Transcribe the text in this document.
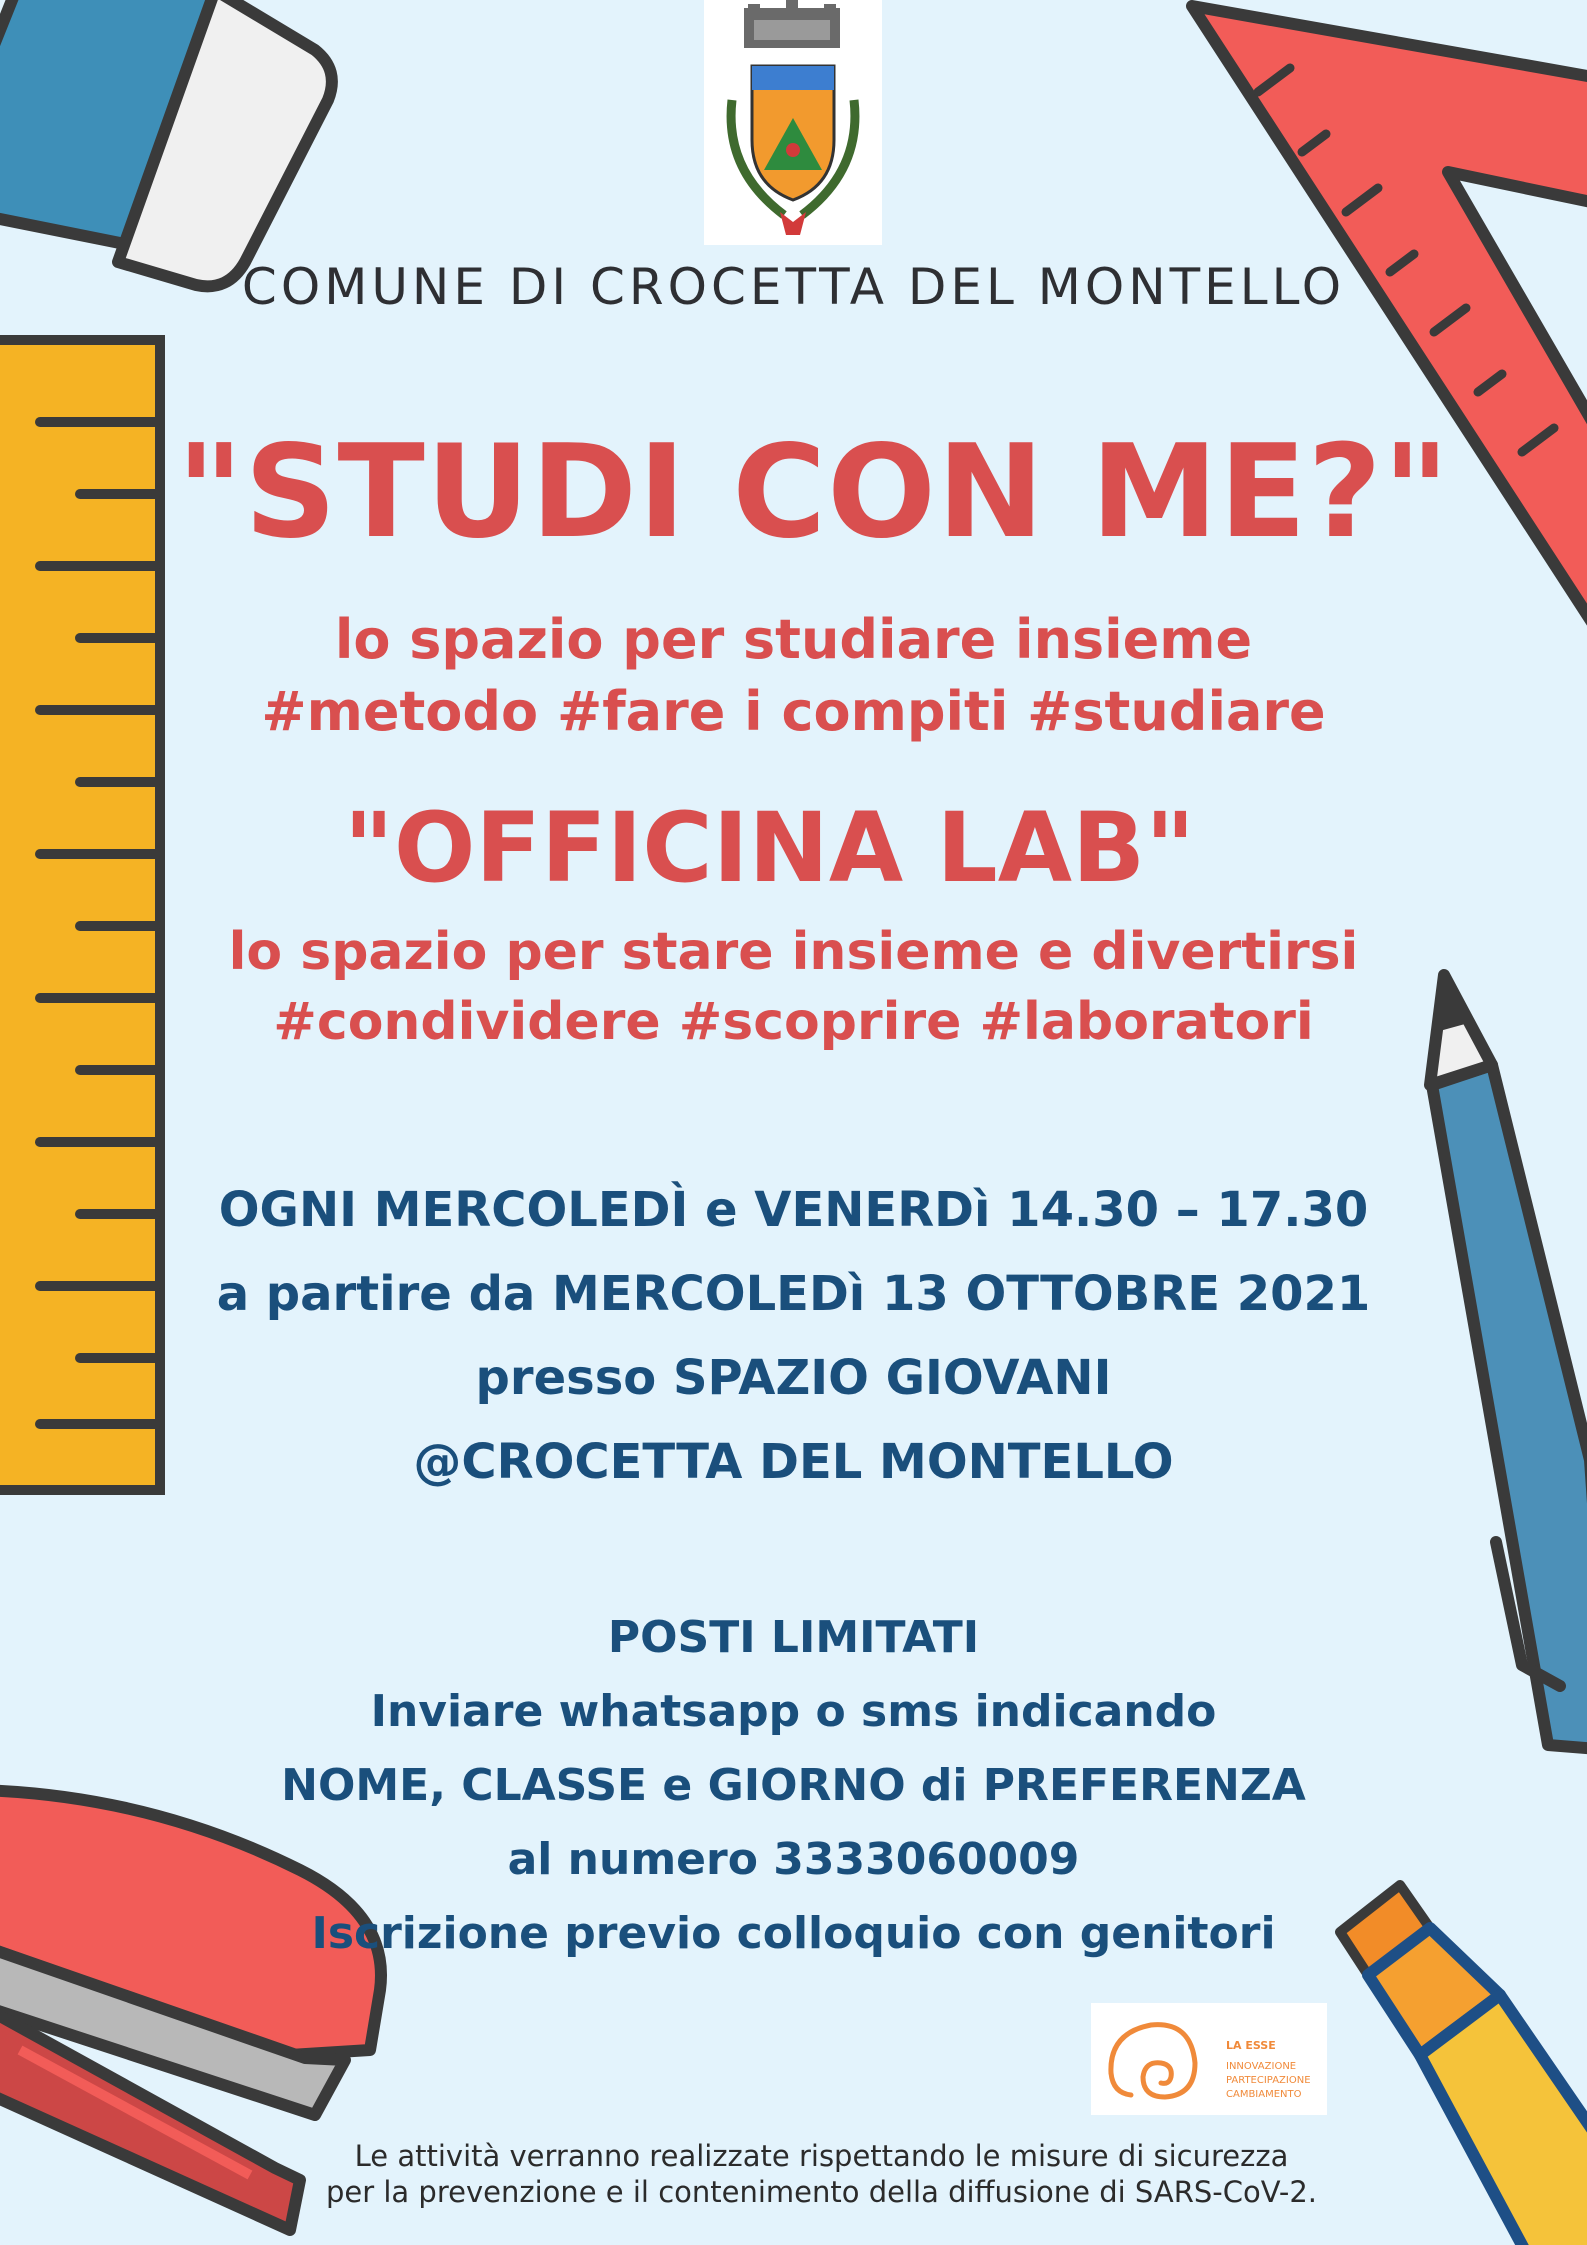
COMUNE DI CROCETTA DEL MONTELLO
"STUDI CON ME?"
lo spazio per studiare insieme
#metodo #fare i compiti #studiare
"OFFICINA LAB"
lo spazio per stare insieme e divertirsi
#condividere #scoprire #laboratori
OGNI MERCOLEDÌ e VENERDì 14.30 – 17.30
a partire da MERCOLEDì 13 OTTOBRE 2021
presso SPAZIO GIOVANI
@CROCETTA DEL MONTELLO
POSTI LIMITATI
Inviare whatsapp o sms indicando
NOME, CLASSE e GIORNO di PREFERENZA
al numero 3333060009
Iscrizione previo colloquio con genitori
LA ESSE
INNOVAZIONE
PARTECIPAZIONE
CAMBIAMENTO
Le attività verranno realizzate rispettando le misure di sicurezza
per la prevenzione e il contenimento della diffusione di SARS-CoV-2.
